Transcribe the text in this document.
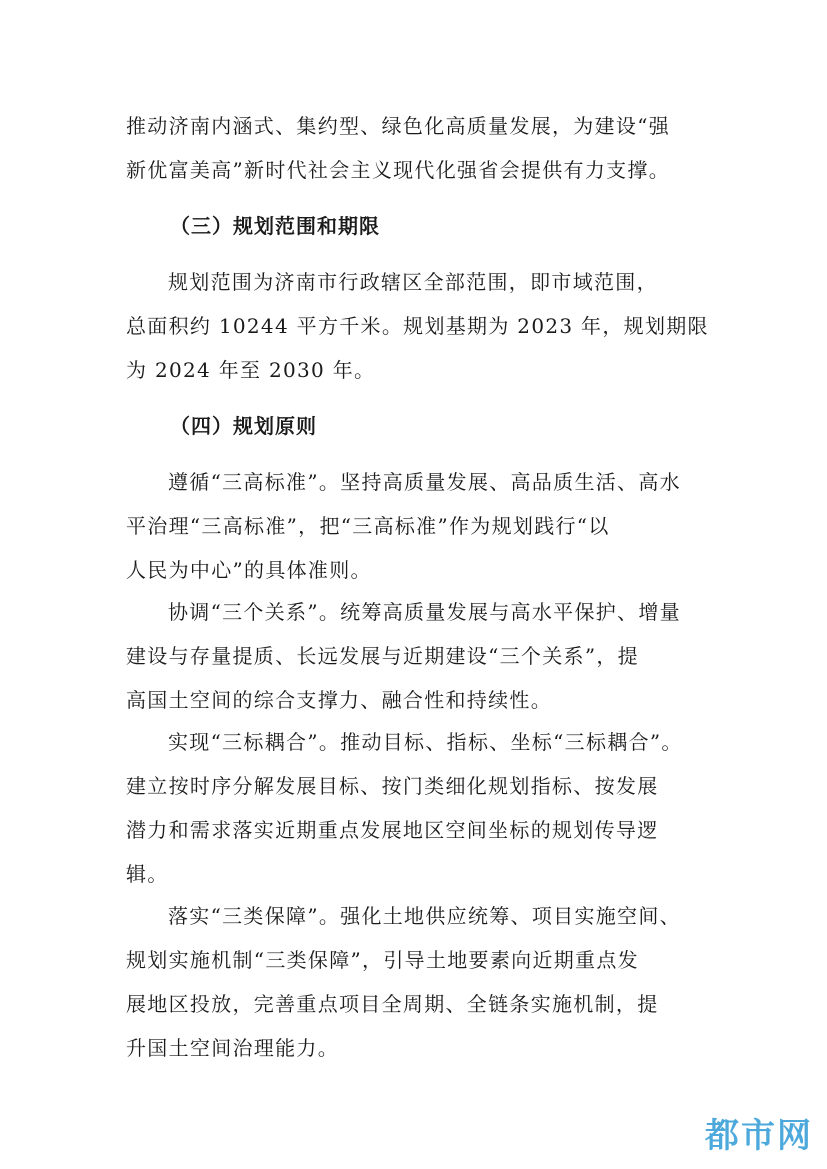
推动济南内涵式、集约型、绿色化高质量发展，为建设“强
新优富美高”新时代社会主义现代化强省会提供有力支撑。
（三）规划范围和期限
规划范围为济南市行政辖区全部范围，即市域范围，
总面积约 10244 平方千米。规划基期为 2023 年，规划期限
为 2024 年至 2030 年。
（四）规划原则
遵循“三高标准”。坚持高质量发展、高品质生活、高水
平治理“三高标准”，把“三高标准”作为规划践行“以
人民为中心”的具体准则。
协调“三个关系”。统筹高质量发展与高水平保护、增量
建设与存量提质、长远发展与近期建设“三个关系”，提
高国土空间的综合支撑力、融合性和持续性。
实现“三标耦合”。推动目标、指标、坐标“三标耦合”。
建立按时序分解发展目标、按门类细化规划指标、按发展
潜力和需求落实近期重点发展地区空间坐标的规划传导逻
辑。
落实“三类保障”。强化土地供应统筹、项目实施空间、
规划实施机制“三类保障”，引导土地要素向近期重点发
展地区投放，完善重点项目全周期、全链条实施机制，提
升国土空间治理能力。
都市网
